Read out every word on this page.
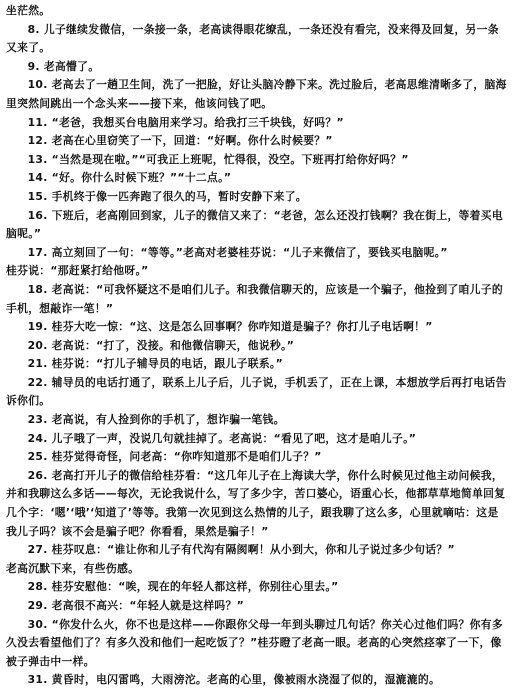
坐茫然。

8. 儿子继续发微信，一条接一条，老高读得眼花缭乱，一条还没有看完，没来得及回复，另一条又来了。

9. 老高懵了。

10. 老高去了一趟卫生间，洗了一把脸，好让头脑冷静下来。洗过脸后，老高思维清晰多了，脑海里突然间跳出一个念头来——接下来，他该问钱了吧。

11. “老爸，我想买台电脑用来学习。给我打三千块钱，好吗？”

12. 老高在心里窃笑了一下，回道：“好啊。你什么时候要？”

13. “当然是现在啦。”“可我正上班呢，忙得很，没空。下班再打给你好吗？”

14. “好。你什么时候下班？”“十二点。”

15. 手机终于像一匹奔跑了很久的马，暂时安静下来了。

16. 下班后，老高刚回到家，儿子的微信又来了：“老爸，怎么还没打钱啊？我在街上，等着买电脑呢。”

17. 高立刻回了一句：“等等。”老高对老婆桂芬说：“儿子来微信了，要钱买电脑呢。”

桂芬说：“那赶紧打给他呀。”

18. 老高说：“可我怀疑这不是咱们儿子。和我微信聊天的，应该是一个骗子，他捡到了咱儿子的手机，想敲诈一笔！”

19. 桂芬大吃一惊：“这、这是怎么回事啊？你咋知道是骗子？你打儿子电话啊！”

20. 老高说：“打了，没接。和他微信聊天，他说秒。”

21. 桂芬说：“打儿子辅导员的电话，跟儿子联系。”

22. 辅导员的电话打通了，联系上儿子后，儿子说，手机丢了，正在上课，本想放学后再打电话告诉你们。

23. 老高说，有人捡到你的手机了，想诈骗一笔钱。

24. 儿子哦了一声，没说几句就挂掉了。老高说：“看见了吧，这才是咱儿子。”

25. 桂芬觉得奇怪，问老高：“你咋知道那不是咱们儿子？”

26. 老高打开儿子的微信给桂芬看：“这几年儿子在上海读大学，你什么时候见过他主动问候我，并和我聊这么多话——每次，无论我说什么，写了多少字，苦口婆心，语重心长，他都草草地简单回复几个字：‘嗯’‘哦’‘知道了’等等。我第一次见到这么热情的儿子，跟我聊了这么多，心里就嘀咕：这是我儿子吗？该不会是骗子吧？你看看，果然是骗子！”

27. 桂芬叹息：“谁让你和儿子有代沟有隔阂啊！从小到大，你和儿子说过多少句话？”

老高沉默下来，有些伤感。

28. 桂芬安慰他：“唉，现在的年轻人都这样，你别往心里去。”

29. 老高很不高兴：“年轻人就是这样吗？”

30. “你发什么火，你不也是这样——你跟你父母一年到头聊过几句话？你关心过他们吗？你有多久没去看望他们了？有多久没和他们一起吃饭了？”桂芬瞪了老高一眼。老高的心突然痉挛了一下，像被子弹击中一样。

31. 黄昏时，电闪雷鸣，大雨滂沱。老高的心里，像被雨水浇湿了似的，湿漉漉的。
